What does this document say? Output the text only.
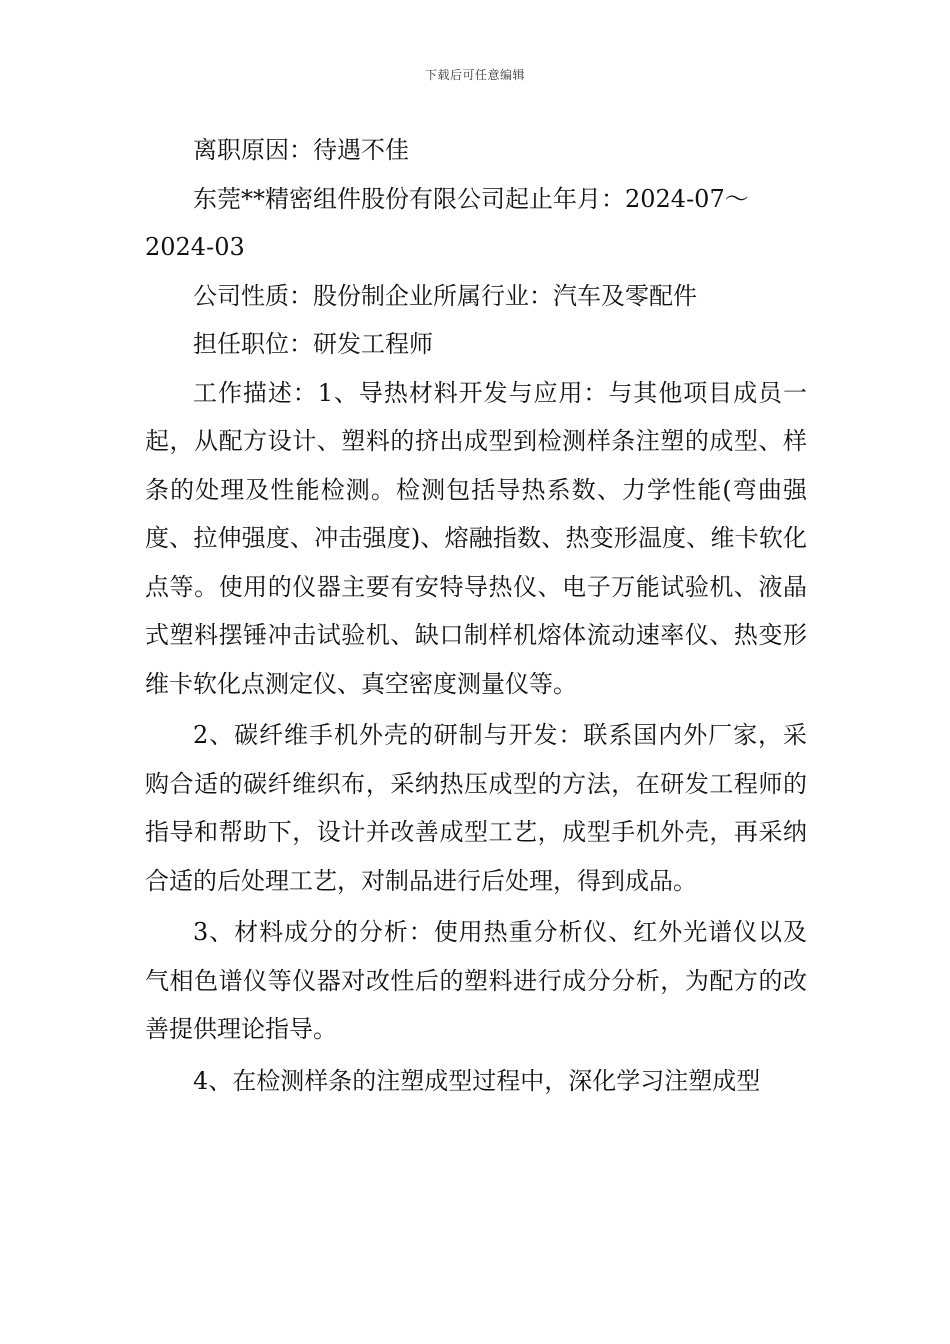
下载后可任意编辑

离职原因：待遇不佳

东莞**精密组件股份有限公司起止年月：2024-07～

2024-03

公司性质：股份制企业所属行业：汽车及零配件

担任职位：研发工程师

工作描述：1、导热材料开发与应用：与其他项目成员一起，从配方设计、塑料的挤出成型到检测样条注塑的成型、样条的处理及性能检测。检测包括导热系数、力学性能(弯曲强度、拉伸强度、冲击强度)、熔融指数、热变形温度、维卡软化点等。使用的仪器主要有安特导热仪、电子万能试验机、液晶式塑料摆锤冲击试验机、缺口制样机熔体流动速率仪、热变形维卡软化点测定仪、真空密度测量仪等。

2、碳纤维手机外壳的研制与开发：联系国内外厂家，采购合适的碳纤维织布，采纳热压成型的方法，在研发工程师的指导和帮助下，设计并改善成型工艺，成型手机外壳，再采纳合适的后处理工艺，对制品进行后处理，得到成品。

3、材料成分的分析：使用热重分析仪、红外光谱仪以及气相色谱仪等仪器对改性后的塑料进行成分分析，为配方的改善提供理论指导。

4、在检测样条的注塑成型过程中，深化学习注塑成型
